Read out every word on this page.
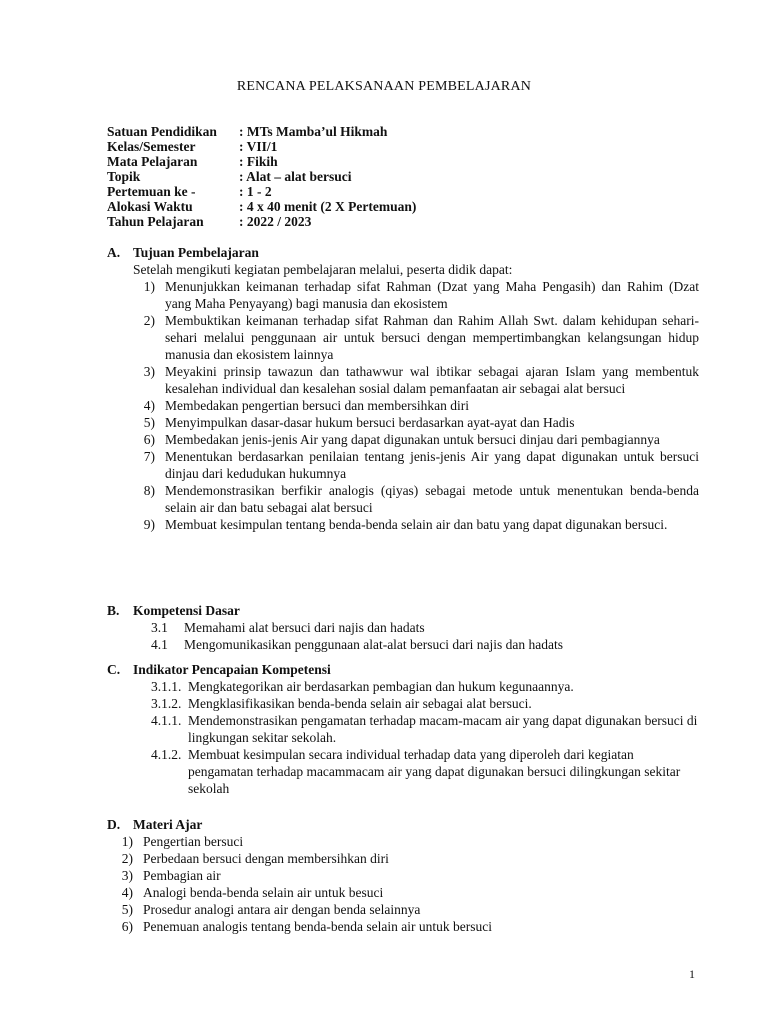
RENCANA PELAKSANAAN PEMBELAJARAN
Satuan Pendidikan	: MTs Mamba’ul Hikmah
Kelas/Semester	: VII/1
Mata Pelajaran	: Fikih
Topik	: Alat – alat bersuci
Pertemuan ke -	: 1 - 2
Alokasi Waktu	: 4 x 40 menit (2 X Pertemuan)
Tahun Pelajaran	: 2022 / 2023
A. Tujuan Pembelajaran
Setelah mengikuti kegiatan pembelajaran melalui, peserta didik dapat:
1) Menunjukkan keimanan terhadap sifat Rahman (Dzat yang Maha Pengasih) dan Rahim (Dzat yang Maha Penyayang) bagi manusia dan ekosistem
2) Membuktikan keimanan terhadap sifat Rahman dan Rahim Allah Swt. dalam kehidupan sehari-sehari melalui penggunaan air untuk bersuci dengan mempertimbangkan kelangsungan hidup manusia dan ekosistem lainnya
3) Meyakini prinsip tawazun dan tathawwur wal ibtikar sebagai ajaran Islam yang membentuk kesalehan individual dan kesalehan sosial dalam pemanfaatan air sebagai alat bersuci
4) Membedakan pengertian bersuci dan membersihkan diri
5) Menyimpulkan dasar-dasar hukum bersuci berdasarkan ayat-ayat dan Hadis
6) Membedakan jenis-jenis Air yang dapat digunakan untuk bersuci dinjau dari pembagiannya
7) Menentukan berdasarkan penilaian tentang jenis-jenis Air yang dapat digunakan untuk bersuci dinjau dari kedudukan hukumnya
8) Mendemonstrasikan berfikir analogis (qiyas) sebagai metode untuk menentukan benda-benda selain air dan batu sebagai alat bersuci
9) Membuat kesimpulan tentang benda-benda selain air dan batu yang dapat digunakan bersuci.
B.	Kompetensi Dasar
3.1	Memahami alat bersuci dari najis dan hadats
4.1	Mengomunikasikan penggunaan alat-alat bersuci dari najis dan hadats
C. Indikator Pencapaian Kompetensi
3.1.1. Mengkategorikan air berdasarkan pembagian dan hukum kegunaannya.
3.1.2. Mengklasifikasikan benda-benda selain air sebagai alat bersuci.
4.1.1. Mendemonstrasikan pengamatan terhadap macam-macam air yang dapat digunakan bersuci di lingkungan sekitar sekolah.
4.1.2. Membuat kesimpulan secara individual terhadap data yang diperoleh dari kegiatan pengamatan terhadap macammacam air yang dapat digunakan bersuci dilingkungan sekitar sekolah
D. Materi Ajar
1) Pengertian bersuci
2) Perbedaan bersuci dengan membersihkan diri
3) Pembagian air
4) Analogi benda-benda selain air untuk besuci
5) Prosedur analogi antara air dengan benda selainnya
6) Penemuan analogis tentang benda-benda selain air untuk bersuci
1
